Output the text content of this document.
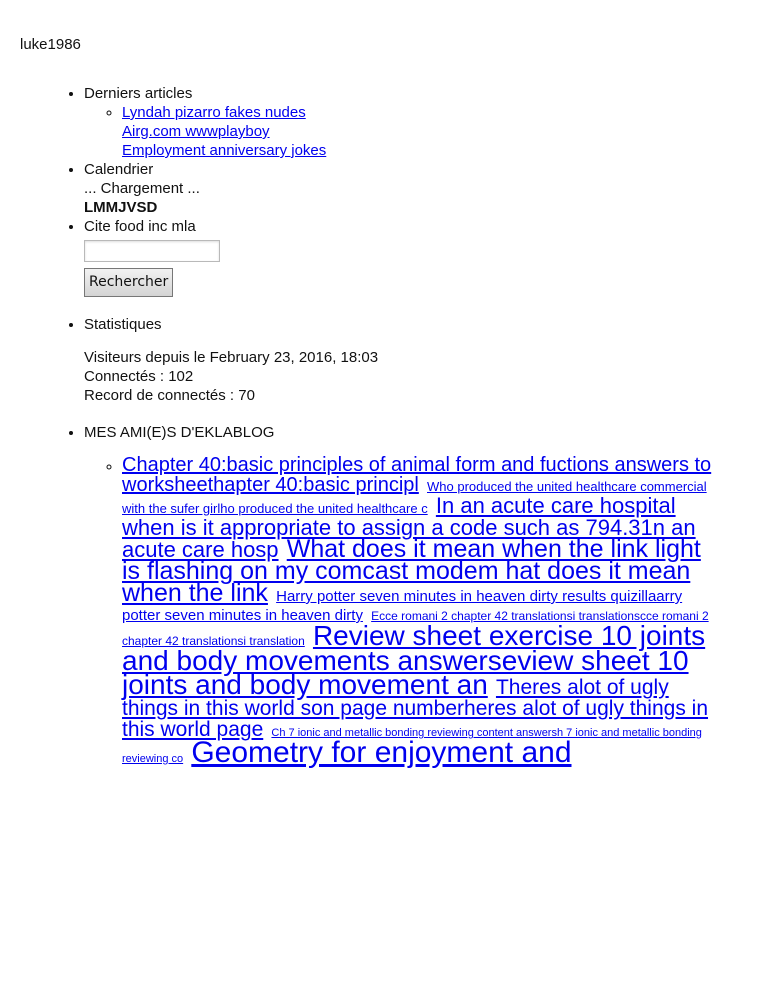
luke1986
• Derniers articles
◦ Lyndah pizarro fakes nudes
Airg.com wwwplayboy
Employment anniversary jokes
• Calendrier
... Chargement ...
LMMJVSD
• Cite food inc mla
Rechercher
• Statistiques
Visiteurs depuis le February 23, 2016, 18:03
Connectés : 102
Record de connectés : 70
• MES AMI(E)S D'EKLABLOG
◦ Chapter 40:basic principles of animal form and fuctions answers to worksheethapter 40:basic principl Who produced the united healthcare commercial with the sufer girlho produced the united healthcare c In an acute care hospital when is it appropriate to assign a code such as 794.31n an acute care hosp What does it mean when the link light is flashing on my comcast modem hat does it mean when the link Harry potter seven minutes in heaven dirty results quizillaarry potter seven minutes in heaven dirty Ecce romani 2 chapter 42 translationsi translationscce romani 2 chapter 42 translationsi translation Review sheet exercise 10 joints and body movements answerseview sheet 10 joints and body movement an Theres alot of ugly things in this world son page numberheres alot of ugly things in this world page Ch 7 ionic and metallic bonding reviewing content answersh 7 ionic and metallic bonding reviewing co Geometry for enjoyment and
